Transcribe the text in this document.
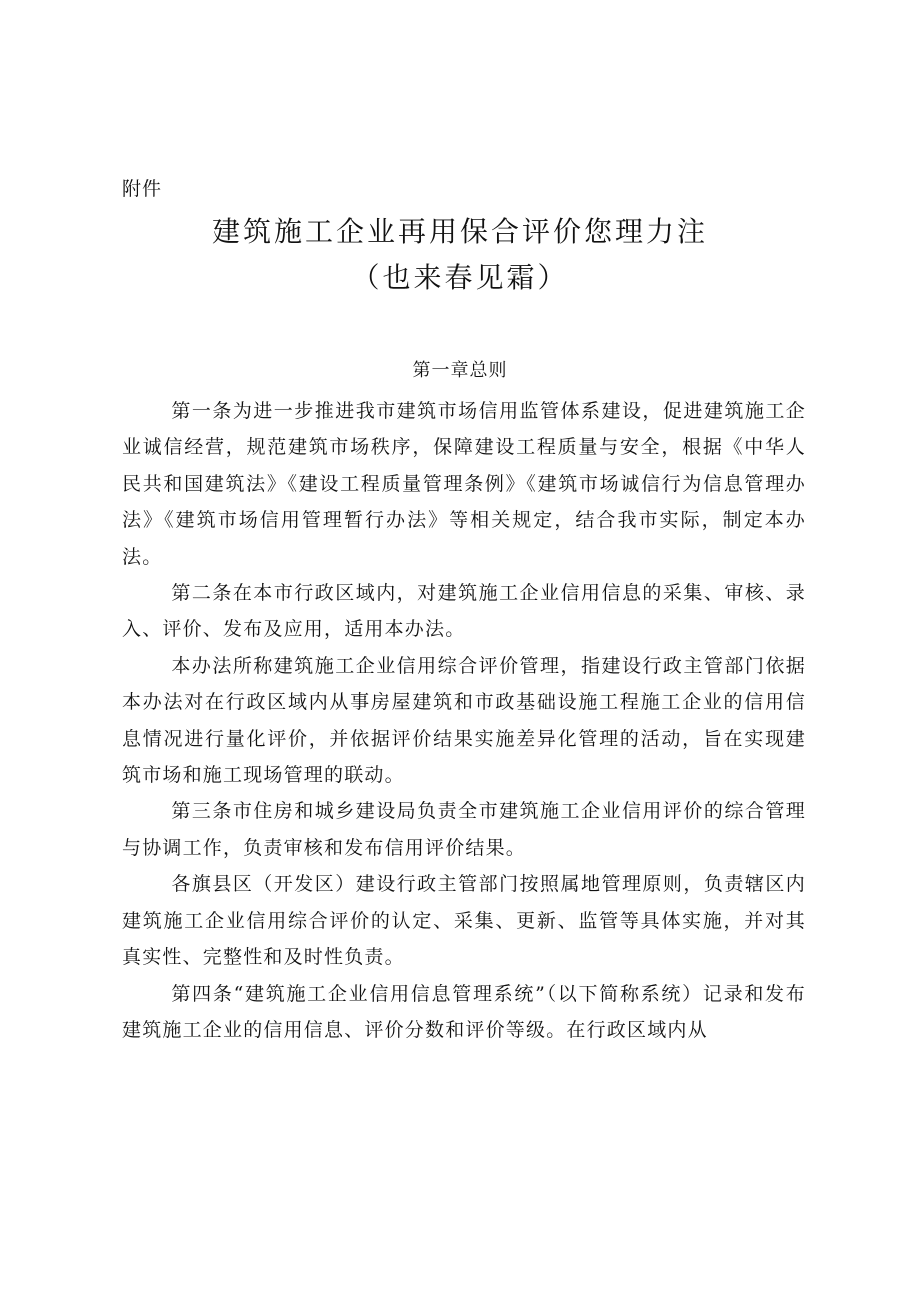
附件
建筑施工企业再用保合评价您理力注
（也来春见霜）
第一章总则

第一条为进一步推进我市建筑市场信用监管体系建设，促进建筑施工企业诚信经营，规范建筑市场秩序，保障建设工程质量与安全，根据《中华人民共和国建筑法》《建设工程质量管理条例》《建筑市场诚信行为信息管理办法》《建筑市场信用管理暂行办法》等相关规定，结合我市实际，制定本办法。

第二条在本市行政区域内，对建筑施工企业信用信息的采集、审核、录入、评价、发布及应用，适用本办法。

本办法所称建筑施工企业信用综合评价管理，指建设行政主管部门依据本办法对在行政区域内从事房屋建筑和市政基础设施工程施工企业的信用信息情况进行量化评价，并依据评价结果实施差异化管理的活动，旨在实现建筑市场和施工现场管理的联动。

第三条市住房和城乡建设局负责全市建筑施工企业信用评价的综合管理与协调工作，负责审核和发布信用评价结果。

各旗县区（开发区）建设行政主管部门按照属地管理原则，负责辖区内建筑施工企业信用综合评价的认定、采集、更新、监管等具体实施，并对其真实性、完整性和及时性负责。

第四条“建筑施工企业信用信息管理系统”（以下简称系统）记录和发布建筑施工企业的信用信息、评价分数和评价等级。在行政区域内从
